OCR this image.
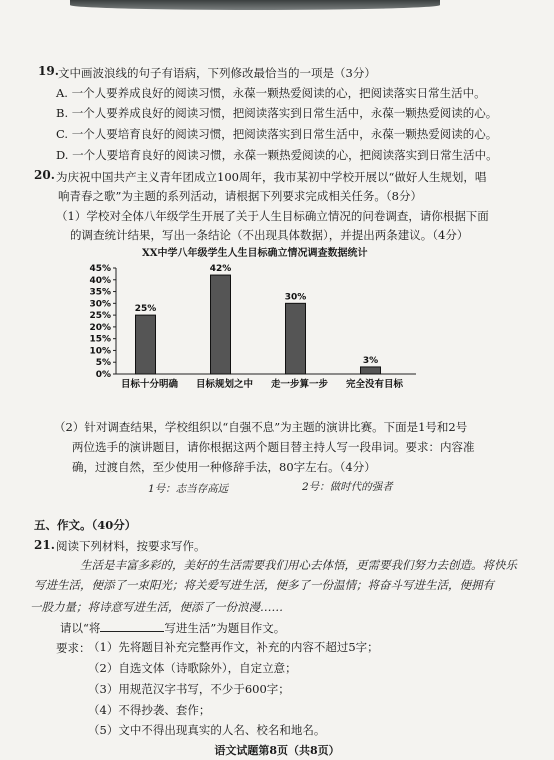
19. 文中画波浪线的句子有语病，下列修改最恰当的一项是（3分）
A. 一个人要养成良好的阅读习惯，永葆一颗热爱阅读的心，把阅读落实日常生活中。
B. 一个人要养成良好的阅读习惯，把阅读落实到日常生活中，永葆一颗热爱阅读的心。
C. 一个人要培育良好的阅读习惯，把阅读落实到日常生活中，永葆一颗热爱阅读的心。
D. 一个人要培育良好的阅读习惯，永葆一颗热爱阅读的心，把阅读落实到日常生活中。
20. 为庆祝中国共产主义青年团成立100周年，我市某初中学校开展以“做好人生规划，唱
响青春之歌”为主题的系列活动，请根据下列要求完成相关任务。（8分）
（1）学校对全体八年级学生开展了关于人生目标确立情况的问卷调查，请你根据下面
的调查统计结果，写出一条结论（不出现具体数据），并提出两条建议。（4分）
XX中学八年级学生人生目标确立情况调查数据统计
0%
5%
10%
15%
20%
25%
30%
35%
40%
45%
25%
目标十分明确
42%
目标规划之中
30%
走一步算一步
3%
完全没有目标
（2）针对调查结果，学校组织以“自强不息”为主题的演讲比赛。下面是1号和2号
两位选手的演讲题目，请你根据这两个题目替主持人写一段串词。要求：内容准
确，过渡自然，至少使用一种修辞手法，80字左右。（4分）
1号：志当存高远	2号：做时代的强者
五、作文。（40分）
21. 阅读下列材料，按要求写作。
生活是丰富多彩的，美好的生活需要我们用心去体悟，更需要我们努力去创造。将快乐
写进生活，便添了一束阳光；将关爱写进生活，便多了一份温情；将奋斗写进生活，便拥有
一股力量；将诗意写进生活，便添了一份浪漫……
请以“将	写进生活”为题目作文。
要求：
（1）先将题目补充完整再作文，补充的内容不超过5字；
（2）自选文体（诗歌除外），自定立意；
（3）用规范汉字书写，不少于600字；
（4）不得抄袭、套作；
（5）文中不得出现真实的人名、校名和地名。
语文试题第8页（共8页）
